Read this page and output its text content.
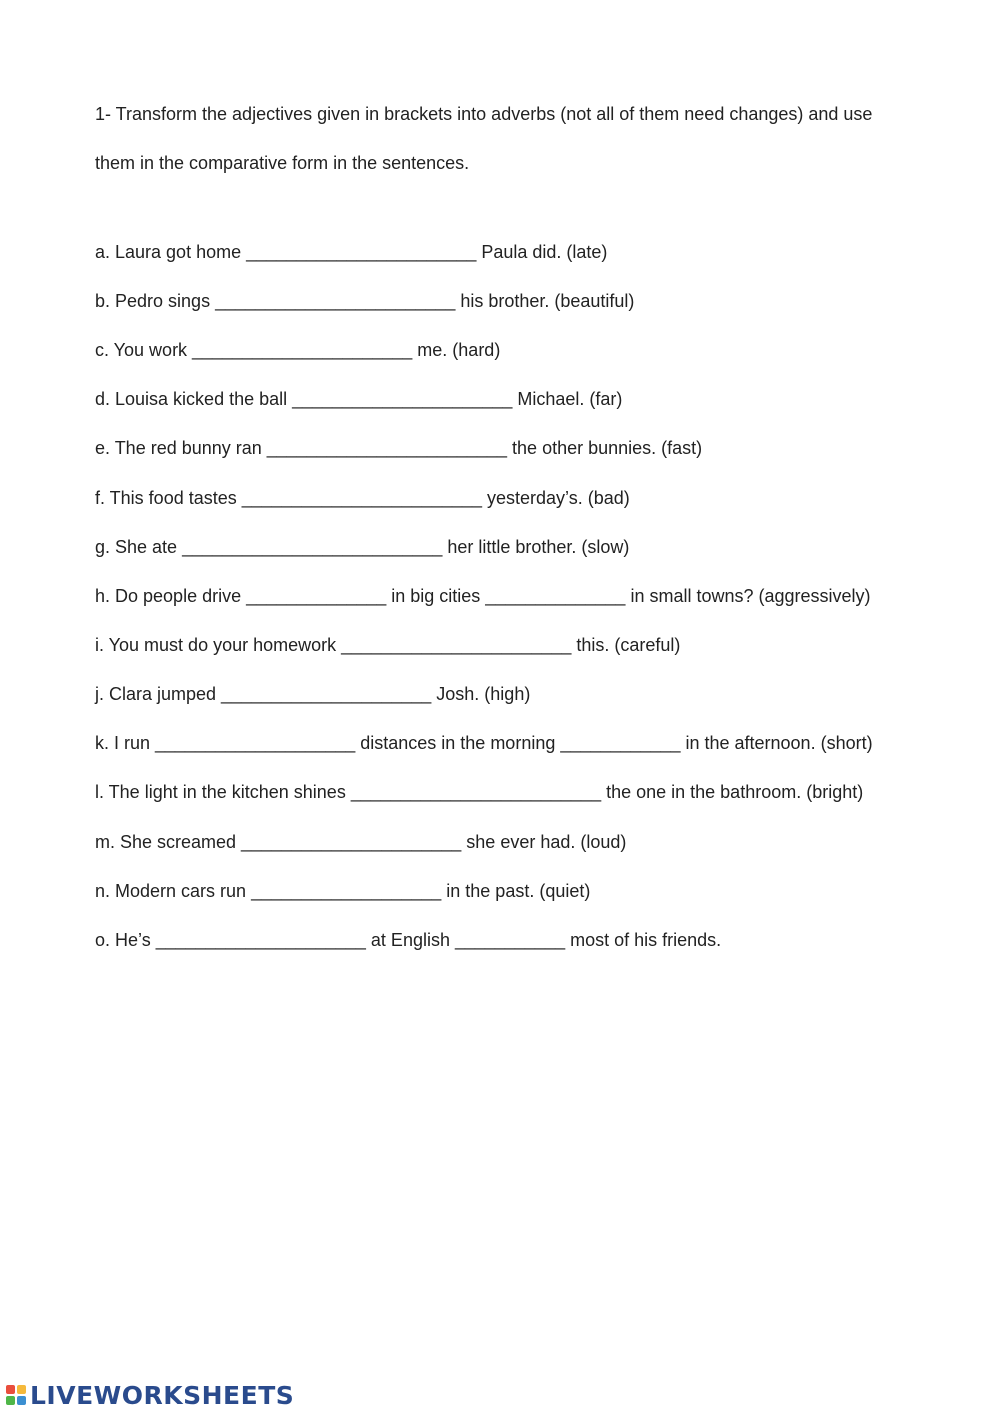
1- Transform the adjectives given in brackets into adverbs (not all of them need changes) and use them in the comparative form in the sentences.

a. Laura got home _______________________ Paula did. (late)

b. Pedro sings ________________________ his brother. (beautiful)

c. You work ______________________ me. (hard)

d. Louisa kicked the ball ______________________ Michael. (far)

e. The red bunny ran ________________________ the other bunnies. (fast)

f. This food tastes ________________________ yesterday’s. (bad)

g. She ate __________________________ her little brother. (slow)

h. Do people drive ______________ in big cities ______________ in small towns? (aggressively)

i. You must do your homework _______________________ this. (careful)

j. Clara jumped _____________________ Josh. (high)

k. I run ____________________ distances in the morning ____________ in the afternoon. (short)

l. The light in the kitchen shines _________________________ the one in the bathroom. (bright)

m. She screamed ______________________ she ever had. (loud)

n. Modern cars run ___________________ in the past. (quiet)

o. He’s _____________________ at English ___________ most of his friends.

LIVEWORKSHEETS
